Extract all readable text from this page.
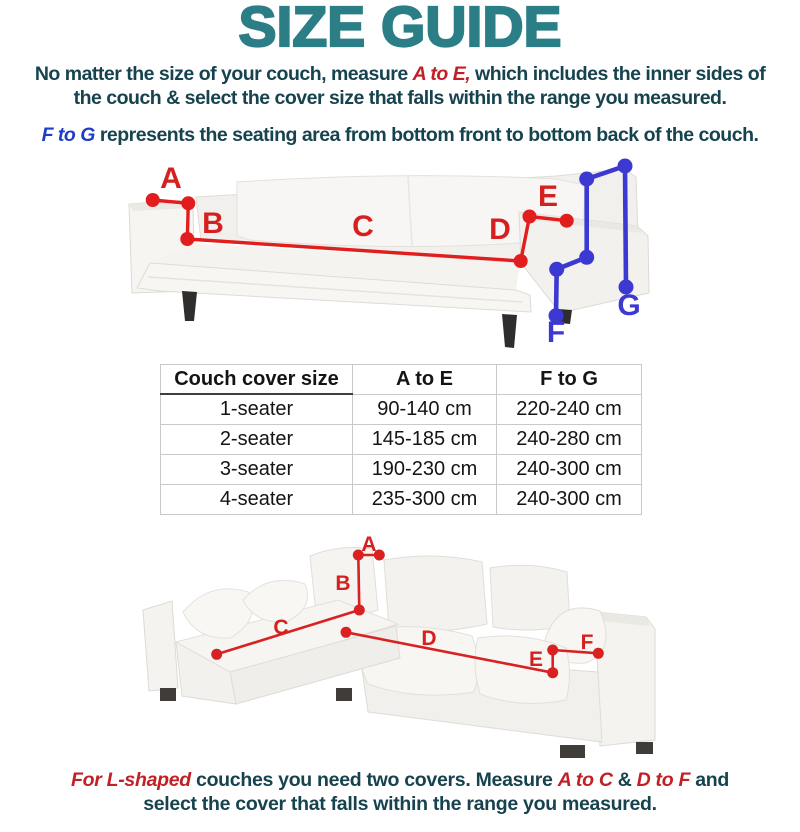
SIZE GUIDE
No matter the size of your couch, measure A to E, which includes the inner sides of
the couch & select the cover size that falls within the range you measured.
F to G represents the seating area from bottom front to bottom back of the couch.
F
G
A
B	C	D
E
Couch cover size	A to E	F to G
1-seater	90-140 cm	220-240 cm
2-seater	145-185 cm	240-280 cm
3-seater	190-230 cm	240-300 cm
4-seater	235-300 cm	240-300 cm
A
B
C	D
E
F
For L-shaped couches you need two covers. Measure A to C & D to F and
select the cover that falls within the range you measured.
